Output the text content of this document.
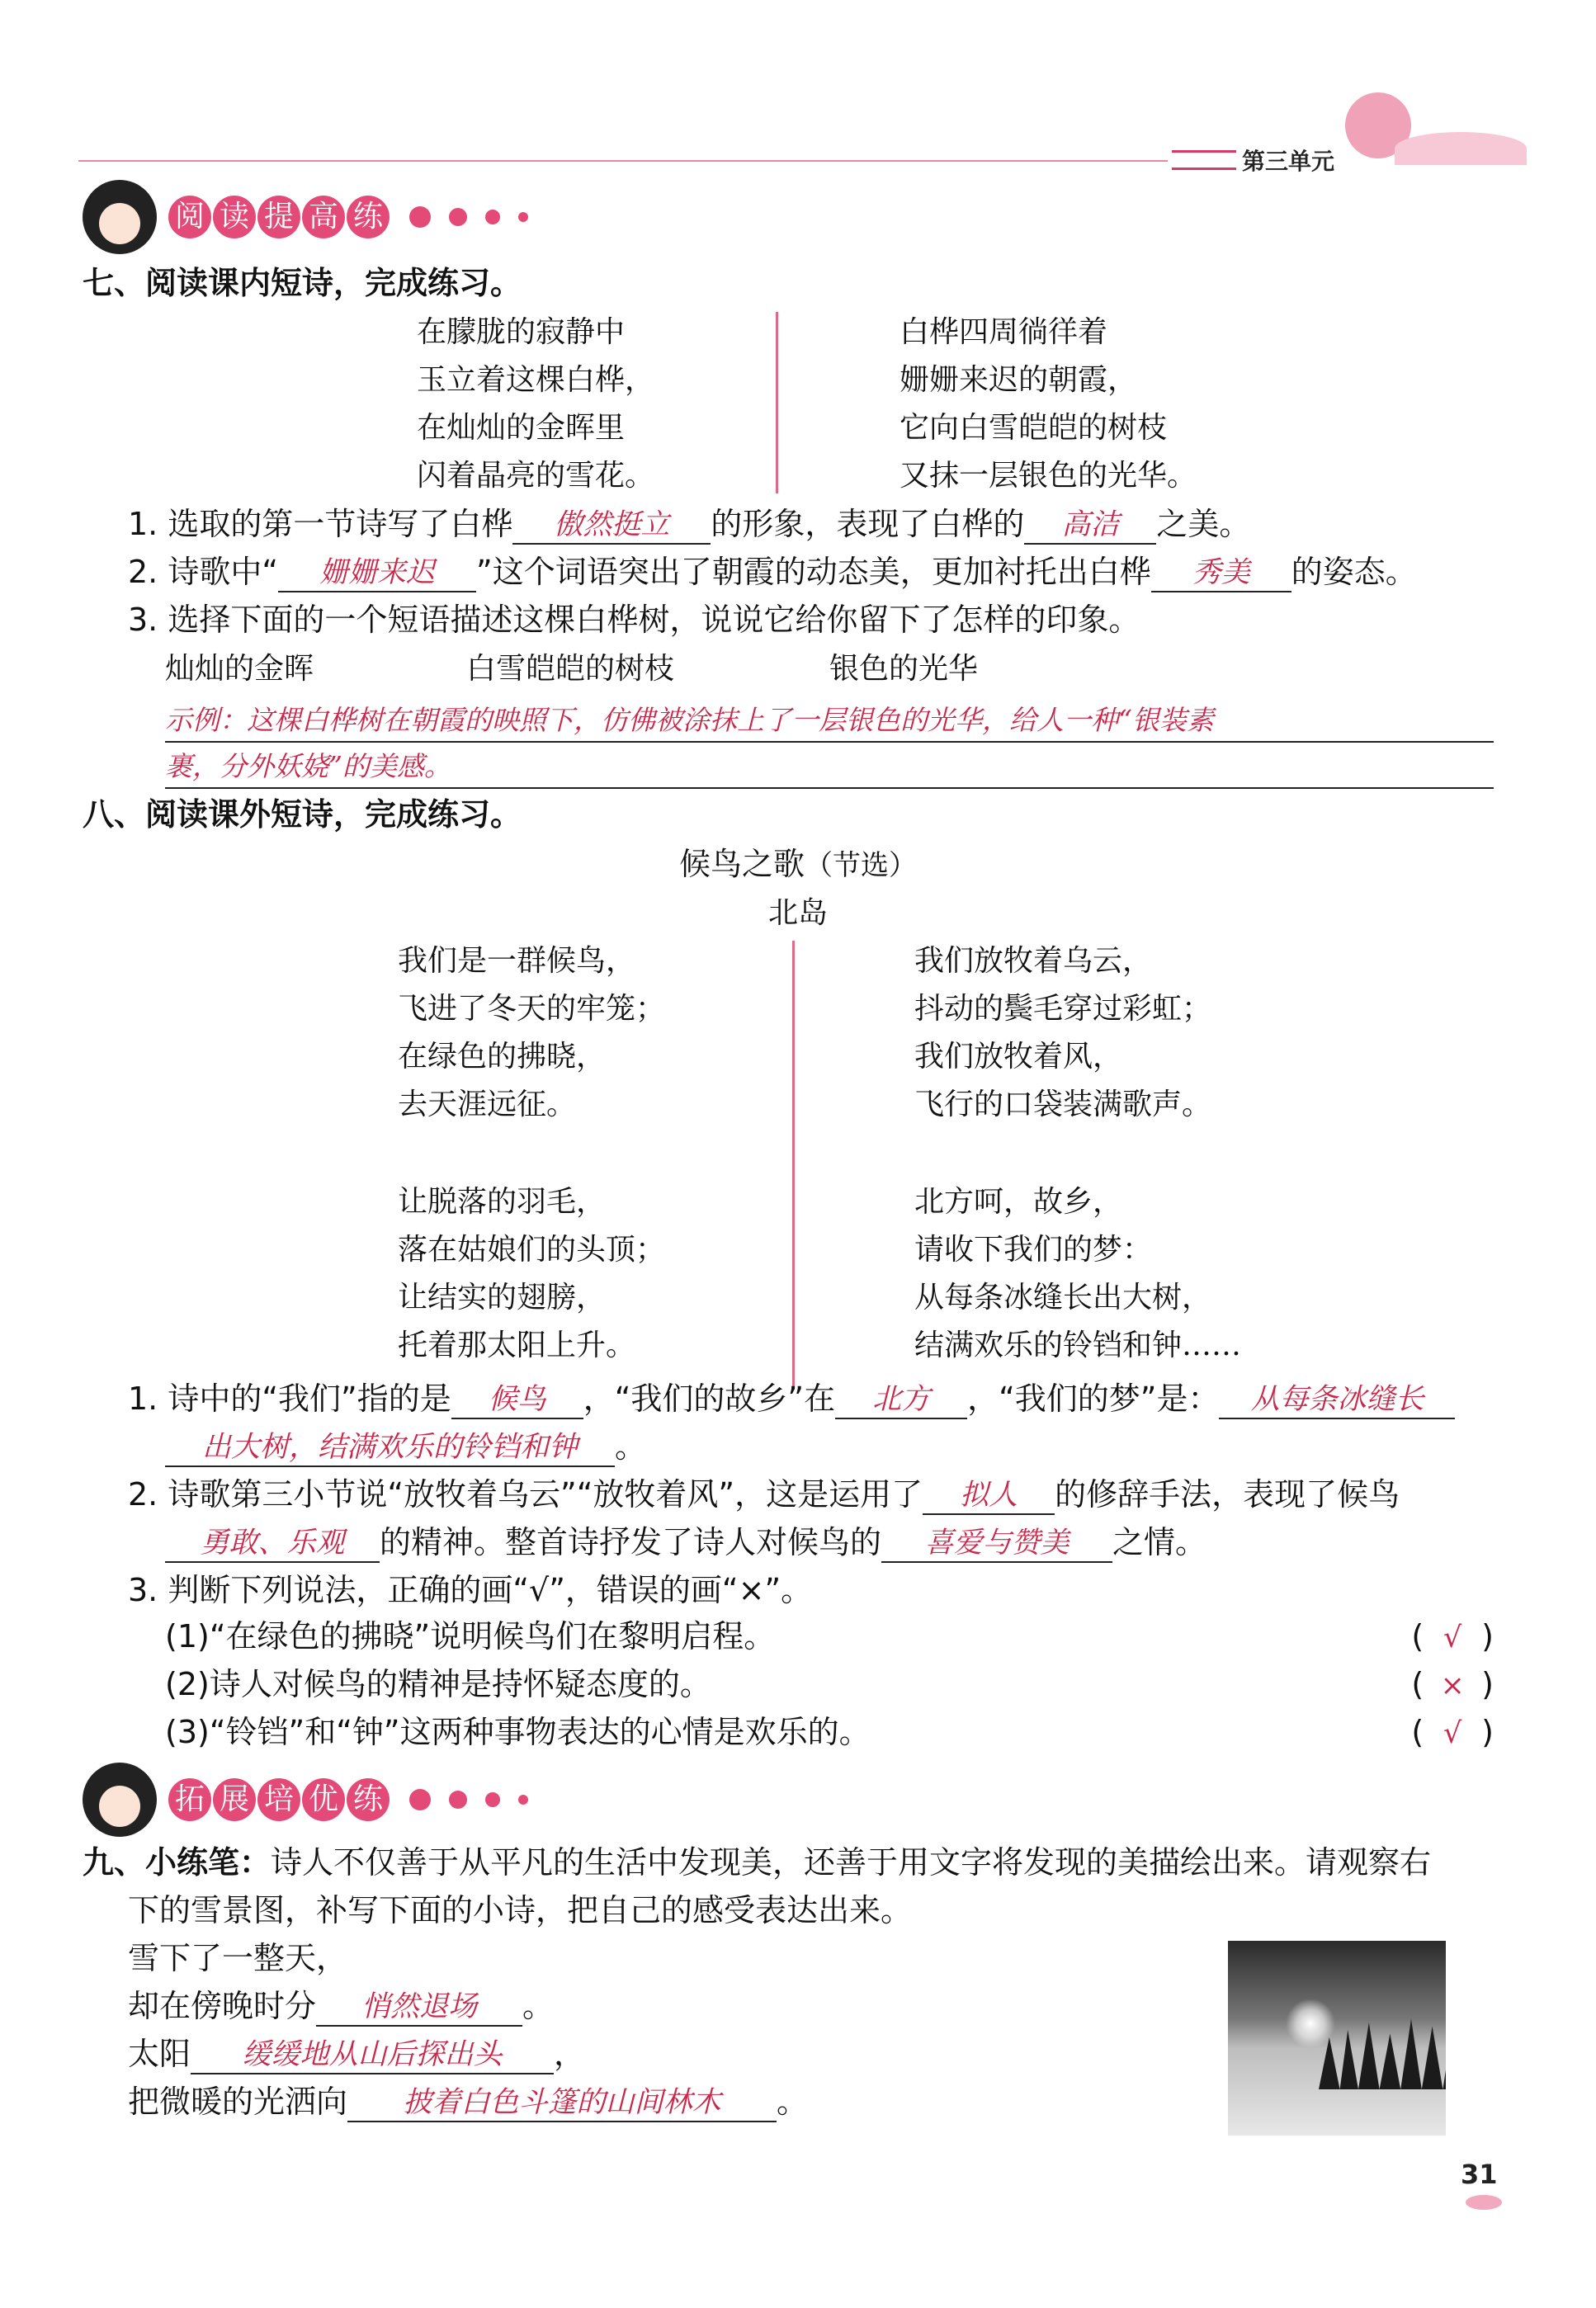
第三单元
阅 读 提 高 练
七、阅读课内短诗，完成练习。
在朦胧的寂静中
玉立着这棵白桦，
在灿灿的金晖里
闪着晶亮的雪花。
白桦四周徜徉着
姗姗来迟的朝霞，
它向白雪皑皑的树枝
又抹一层银色的光华。
1. 选取的第一节诗写了白桦 傲然挺立 的形象，表现了白桦的 高洁 之美。
2. 诗歌中“ 姗姗来迟 ”这个词语突出了朝霞的动态美，更加衬托出白桦 秀美 的姿态。
3. 选择下面的一个短语描述这棵白桦树，说说它给你留下了怎样的印象。
灿灿的金晖	白雪皑皑的树枝	银色的光华
示例：这棵白桦树在朝霞的映照下，仿佛被涂抹上了一层银色的光华，给人一种“银装素
裹，分外妖娆”的美感。
八、阅读课外短诗，完成练习。
候鸟之歌（节选）
北岛
我们是一群候鸟，
飞进了冬天的牢笼；
在绿色的拂晓，
去天涯远征。
我们放牧着乌云，
抖动的鬓毛穿过彩虹；
我们放牧着风，
飞行的口袋装满歌声。
让脱落的羽毛，
落在姑娘们的头顶；
让结实的翅膀，
托着那太阳上升。
北方呵，故乡，
请收下我们的梦：
从每条冰缝长出大树，
结满欢乐的铃铛和钟……
1. 诗中的“我们”指的是 候鸟 ，“我们的故乡”在 北方 ，“我们的梦”是： 从每条冰缝长
出大树，结满欢乐的铃铛和钟 。
2. 诗歌第三小节说“放牧着乌云”“放牧着风”，这是运用了 拟人 的修辞手法，表现了候鸟
勇敢、乐观 的精神。整首诗抒发了诗人对候鸟的 喜爱与赞美 之情。
3. 判断下列说法，正确的画“√”，错误的画“×”。
(1)“在绿色的拂晓”说明候鸟们在黎明启程。	( √ )
(2)诗人对候鸟的精神是持怀疑态度的。	( × )
(3)“铃铛”和“钟”这两种事物表达的心情是欢乐的。	( √ )
拓 展 培 优 练
九、小练笔：诗人不仅善于从平凡的生活中发现美，还善于用文字将发现的美描绘出来。请观察右
下的雪景图，补写下面的小诗，把自己的感受表达出来。
雪下了一整天，
却在傍晚时分 悄然退场 。
太阳 缓缓地从山后探出头 ，
把微暖的光洒向 披着白色斗篷的山间林木 。
31
